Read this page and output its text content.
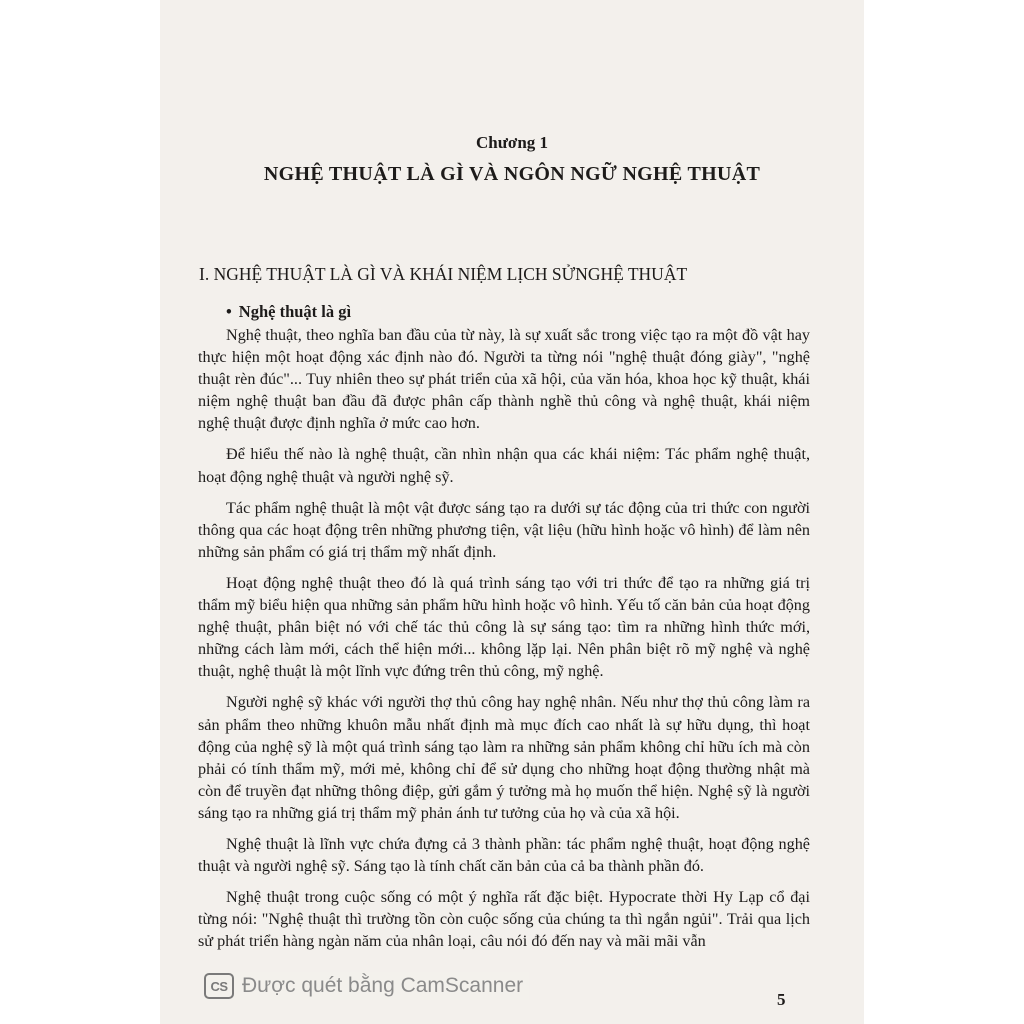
Chương 1

NGHỆ THUẬT LÀ GÌ VÀ NGÔN NGỮ NGHỆ THUẬT

I. NGHỆ THUẬT LÀ GÌ VÀ KHÁI NIỆM LỊCH SỬNGHỆ THUẬT

• Nghệ thuật là gì

Nghệ thuật, theo nghĩa ban đầu của từ này, là sự xuất sắc trong việc tạo ra một đồ vật hay thực hiện một hoạt động xác định nào đó. Người ta từng nói "nghệ thuật đóng giày", "nghệ thuật rèn đúc"... Tuy nhiên theo sự phát triển của xã hội, của văn hóa, khoa học kỹ thuật, khái niệm nghệ thuật ban đầu đã được phân cấp thành nghề thủ công và nghệ thuật, khái niệm nghệ thuật được định nghĩa ở mức cao hơn.

Để hiểu thế nào là nghệ thuật, cần nhìn nhận qua các khái niệm: Tác phẩm nghệ thuật, hoạt động nghệ thuật và người nghệ sỹ.

Tác phẩm nghệ thuật là một vật được sáng tạo ra dưới sự tác động của tri thức con người thông qua các hoạt động trên những phương tiện, vật liệu (hữu hình hoặc vô hình) để làm nên những sản phẩm có giá trị thẩm mỹ nhất định.

Hoạt động nghệ thuật theo đó là quá trình sáng tạo với tri thức để tạo ra những giá trị thẩm mỹ biểu hiện qua những sản phẩm hữu hình hoặc vô hình. Yếu tố căn bản của hoạt động nghệ thuật, phân biệt nó với chế tác thủ công là sự sáng tạo: tìm ra những hình thức mới, những cách làm mới, cách thể hiện mới... không lặp lại. Nên phân biệt rõ mỹ nghệ và nghệ thuật, nghệ thuật là một lĩnh vực đứng trên thủ công, mỹ nghệ.

Người nghệ sỹ khác với người thợ thủ công hay nghệ nhân. Nếu như thợ thủ công làm ra sản phẩm theo những khuôn mẫu nhất định mà mục đích cao nhất là sự hữu dụng, thì hoạt động của nghệ sỹ là một quá trình sáng tạo làm ra những sản phẩm không chỉ hữu ích mà còn phải có tính thẩm mỹ, mới mẻ, không chỉ để sử dụng cho những hoạt động thường nhật mà còn để truyền đạt những thông điệp, gửi gắm ý tưởng mà họ muốn thể hiện. Nghệ sỹ là người sáng tạo ra những giá trị thẩm mỹ phản ánh tư tưởng của họ và của xã hội.

Nghệ thuật là lĩnh vực chứa đựng cả 3 thành phần: tác phẩm nghệ thuật, hoạt động nghệ thuật và người nghệ sỹ. Sáng tạo là tính chất căn bản của cả ba thành phần đó.

Nghệ thuật trong cuộc sống có một ý nghĩa rất đặc biệt. Hypocrate thời Hy Lạp cổ đại từng nói: "Nghệ thuật thì trường tồn còn cuộc sống của chúng ta thì ngắn ngủi". Trải qua lịch sử phát triển hàng ngàn năm của nhân loại, câu nói đó đến nay và mãi mãi vẫn

5

CS Được quét bằng CamScanner
